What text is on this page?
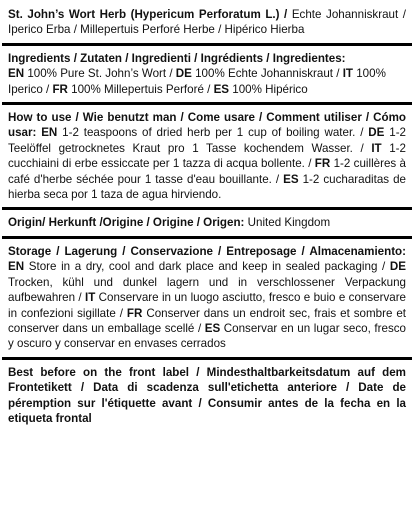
St. John’s Wort Herb (Hypericum Perforatum L.) / Echte Johanniskraut / Iperico Erba / Millepertuis Perforé Herbe / Hipérico Hierba
Ingredients / Zutaten / Ingredienti / Ingrédients / Ingredientes:
EN 100% Pure St. John’s Wort / DE 100% Echte Johanniskraut / IT 100% Iperico / FR 100% Millepertuis Perforé / ES 100% Hipérico
How to use / Wie benutzt man / Come usare / Comment utiliser / Cómo usar: EN 1-2 teaspoons of dried herb per 1 cup of boiling water. / DE 1-2 Teelöffel getrocknetes Kraut pro 1 Tasse kochendem Wasser. / IT 1-2 cucchiaini di erbe essiccate per 1 tazza di acqua bollente. / FR 1-2 cuillères à café d'herbe séchée pour 1 tasse d'eau bouillante. / ES 1-2 cucharaditas de hierba seca por 1 taza de agua hirviendo.
Origin/ Herkunft /Origine / Origine / Origen: United Kingdom
Storage / Lagerung / Conservazione / Entreposage / Almacenamiento: EN Store in a dry, cool and dark place and keep in sealed packaging / DE Trocken, kühl und dunkel lagern und in verschlossener Verpackung aufbewahren / IT Conservare in un luogo asciutto, fresco e buio e conservare in confezioni sigillate / FR Conserver dans un endroit sec, frais et sombre et conserver dans un emballage scellé / ES Conservar en un lugar seco, fresco y oscuro y conservar en envases cerrados
Best before on the front label / Mindesthaltbarkeitsdatum auf dem Frontetikett / Data di scadenza sull'etichetta anteriore / Date de péremption sur l'étiquette avant / Consumir antes de la fecha en la etiqueta frontal
